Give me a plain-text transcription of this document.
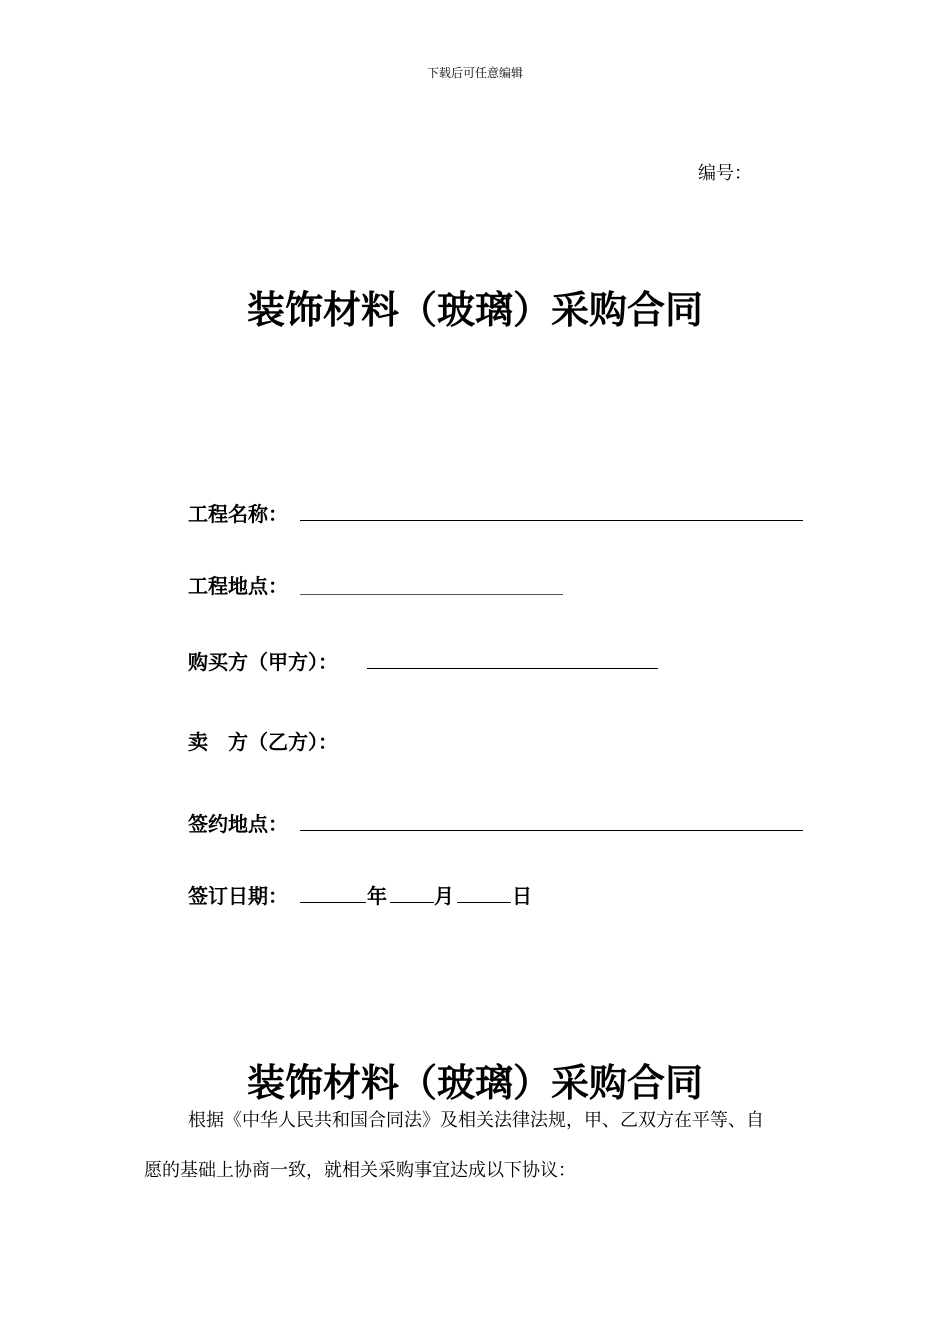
下载后可任意编辑
编号：
装饰材料（玻璃）采购合同
工程名称：
工程地点：
购买方（甲方）：
卖　方（乙方）：
签约地点：
签订日期：	年 月	日
装饰材料（玻璃）采购合同
根据《中华人民共和国合同法》及相关法律法规，甲、乙双方在平等、自
愿的基础上协商一致，就相关采购事宜达成以下协议：
